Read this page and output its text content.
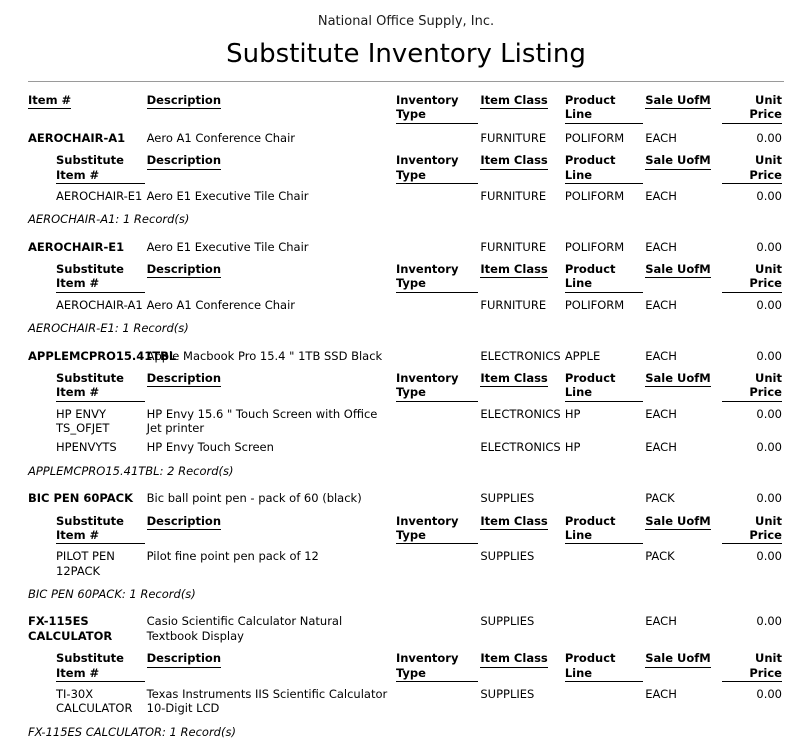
National Office Supply, Inc.
Substitute Inventory Listing
Item #	Description	Inventory Type	Item Class	Product Line	Sale UofM	Unit Price
AEROCHAIR-A1	Aero A1 Conference Chair		FURNITURE	POLIFORM	EACH	0.00
Substitute Item #	Description	Inventory Type	Item Class	Product Line	Sale UofM	Unit Price

AEROCHAIR-E1	Aero E1 Executive Tile Chair		FURNITURE	POLIFORM	EACH	0.00
AEROCHAIR-A1: 1 Record(s)						
AEROCHAIR-E1	Aero E1 Executive Tile Chair		FURNITURE	POLIFORM	EACH	0.00
Substitute Item #	Description	Inventory Type	Item Class	Product Line	Sale UofM	Unit Price

AEROCHAIR-A1	Aero A1 Conference Chair		FURNITURE	POLIFORM	EACH	0.00
AEROCHAIR-E1: 1 Record(s)						
APPLEMCPRO15.41TBL	Apple Macbook Pro 15.4 " 1TB SSD Black		ELECTRONICS	APPLE	EACH	0.00
Substitute Item #	Description	Inventory Type	Item Class	Product Line	Sale UofM	Unit Price

HP ENVY TS_OFJET	HP Envy 15.6 " Touch Screen with Office Jet printer		ELECTRONICS	HP	EACH	0.00
HPENVYTS	HP Envy Touch Screen		ELECTRONICS	HP	EACH	0.00
APPLEMCPRO15.41TBL: 2 Record(s)						
BIC PEN 60PACK	Bic ball point pen - pack of 60 (black)		SUPPLIES		PACK	0.00
Substitute Item #	Description	Inventory Type	Item Class	Product Line	Sale UofM	Unit Price

PILOT PEN 12PACK	Pilot fine point pen pack of 12		SUPPLIES		PACK	0.00
BIC PEN 60PACK: 1 Record(s)						
FX-115ES CALCULATOR	Casio Scientific Calculator Natural Textbook Display		SUPPLIES		EACH	0.00
Substitute Item #	Description	Inventory Type	Item Class	Product Line	Sale UofM	Unit Price

TI-30X CALCULATOR	Texas Instruments IIS Scientific Calculator 10-Digit LCD		SUPPLIES		EACH	0.00
FX-115ES CALCULATOR: 1 Record(s)						
